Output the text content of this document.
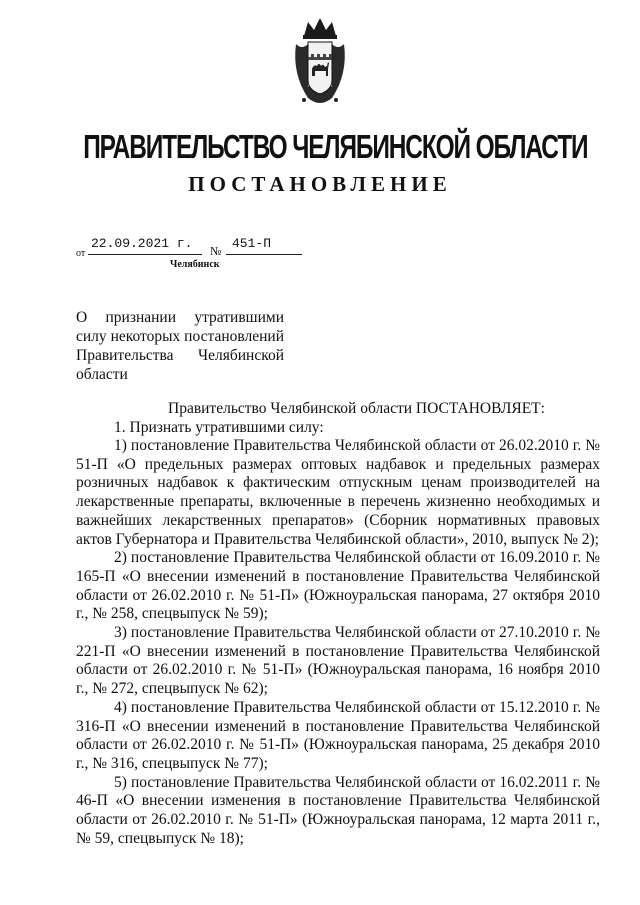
ПРАВИТЕЛЬСТВО ЧЕЛЯБИНСКОЙ ОБЛАСТИ
ПОСТАНОВЛЕНИЕ
от
22.09.2021 г.	№ 451-П
Челябинск
О признании утратившими
силу некоторых постановлений
Правительства Челябинской
области
Правительство Челябинской области ПОСТАНОВЛЯЕТ:
1. Признать утратившими силу:

1) постановление Правительства Челябинской области от 26.02.2010 г. № 51-П «О предельных размерах оптовых надбавок и предельных размерах розничных надбавок к фактическим отпускным ценам производителей на лекарственные препараты, включенные в перечень жизненно необходимых и важнейших лекарственных препаратов» (Сборник нормативных правовых актов Губернатора и Правительства Челябинской области», 2010, выпуск № 2);

2) постановление Правительства Челябинской области от 16.09.2010 г. № 165-П «О внесении изменений в постановление Правительства Челябинской области от 26.02.2010 г. № 51-П» (Южноуральская панорама, 27 октября 2010 г., № 258, спецвыпуск № 59);

3) постановление Правительства Челябинской области от 27.10.2010 г. № 221-П «О внесении изменений в постановление Правительства Челябинской области от 26.02.2010 г. № 51-П» (Южноуральская панорама, 16 ноября 2010 г., № 272, спецвыпуск № 62);

4) постановление Правительства Челябинской области от 15.12.2010 г. № 316-П «О внесении изменений в постановление Правительства Челябинской области от 26.02.2010 г. № 51-П» (Южноуральская панорама, 25 декабря 2010 г., № 316, спецвыпуск № 77);

5) постановление Правительства Челябинской области от 16.02.2011 г. № 46-П «О внесении изменения в постановление Правительства Челябинской области от 26.02.2010 г. № 51-П» (Южноуральская панорама, 12 марта 2011 г., № 59, спецвыпуск № 18);
